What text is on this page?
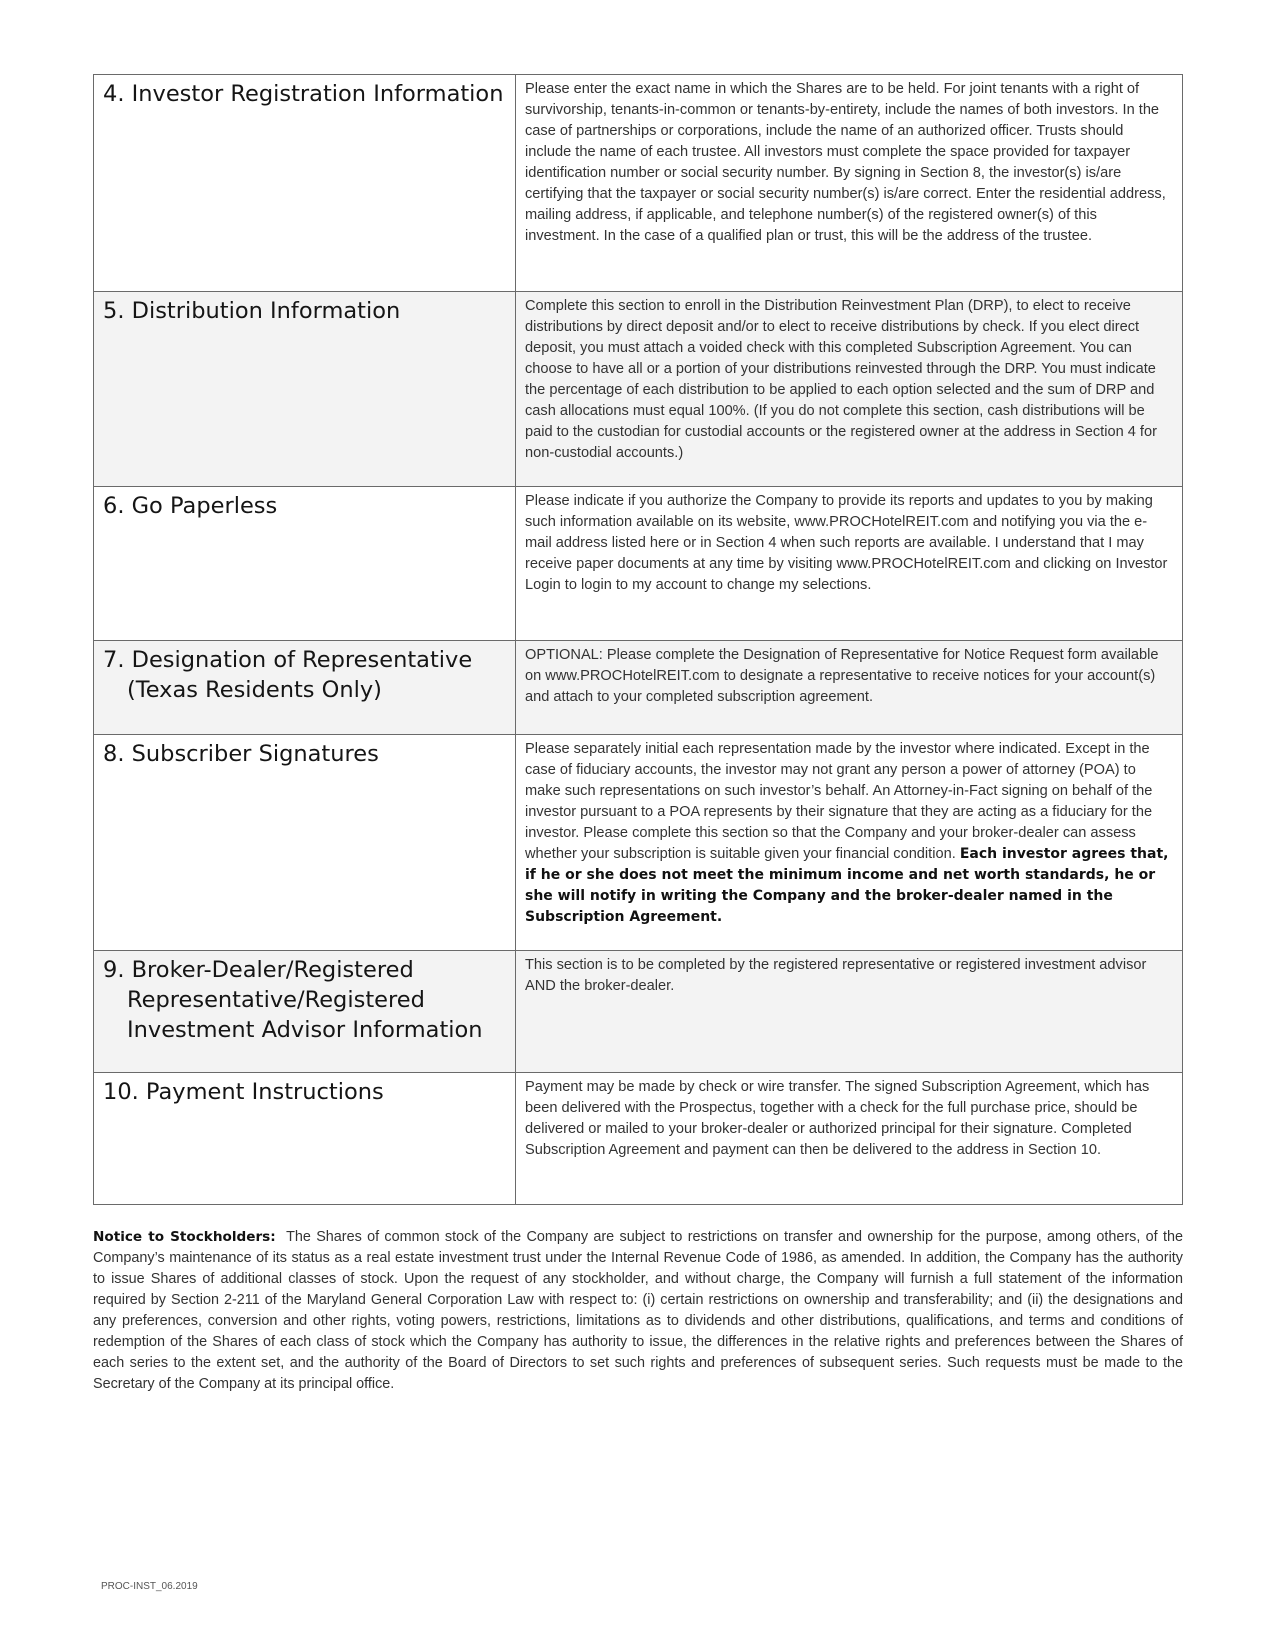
4. Investor Registration Information	Please enter the exact name in which the Shares are to be held. For joint tenants with a right of survivorship, tenants-in-common or tenants-by-entirety, include the names of both investors. In the case of partnerships or corporations, include the name of an authorized officer. Trusts should include the name of each trustee. All investors must complete the space provided for taxpayer identification number or social security number. By signing in Section 8, the investor(s) is/are certifying that the taxpayer or social security number(s) is/are correct. Enter the residential address, mailing address, if applicable, and telephone number(s) of the registered owner(s) of this investment. In the case of a qualified plan or trust, this will be the address of the trustee.

5. Distribution Information	Complete this section to enroll in the Distribution Reinvestment Plan (DRP), to elect to receive distributions by direct deposit and/or to elect to receive distributions by check. If you elect direct deposit, you must attach a voided check with this completed Subscription Agreement. You can choose to have all or a portion of your distributions reinvested through the DRP. You must indicate the percentage of each distribution to be applied to each option selected and the sum of DRP and cash allocations must equal 100%. (If you do not complete this section, cash distributions will be paid to the custodian for custodial accounts or the registered owner at the address in Section 4 for non-custodial accounts.)

6. Go Paperless	Please indicate if you authorize the Company to provide its reports and updates to you by making such information available on its website, www.PROCHotelREIT.com and notifying you via the e-mail address listed here or in Section 4 when such reports are available. I understand that I may receive paper documents at any time by visiting www.PROCHotelREIT.com and clicking on Investor Login to login to my account to change my selections.

7. Designation of Representative (Texas Residents Only)	OPTIONAL: Please complete the Designation of Representative for Notice Request form available on www.PROCHotelREIT.com to designate a representative to receive notices for your account(s) and attach to your completed subscription agreement.

8. Subscriber Signatures	Please separately initial each representation made by the investor where indicated. Except in the case of fiduciary accounts, the investor may not grant any person a power of attorney (POA) to make such representations on such investor’s behalf. An Attorney-in-Fact signing on behalf of the investor pursuant to a POA represents by their signature that they are acting as a fiduciary for the investor. Please complete this section so that the Company and your broker-dealer can assess whether your subscription is suitable given your financial condition. Each investor agrees that, if he or she does not meet the minimum income and net worth standards, he or she will notify in writing the Company and the broker-dealer named in the Subscription Agreement.

9. Broker-Dealer/Registered Representative/Registered Investment Advisor Information	This section is to be completed by the registered representative or registered investment advisor AND the broker-dealer.

10. Payment Instructions	Payment may be made by check or wire transfer. The signed Subscription Agreement, which has been delivered with the Prospectus, together with a check for the full purchase price, should be delivered or mailed to your broker-dealer or authorized principal for their signature. Completed Subscription Agreement and payment can then be delivered to the address in Section 10.

Notice to Stockholders: The Shares of common stock of the Company are subject to restrictions on transfer and ownership for the purpose, among others, of the Company’s maintenance of its status as a real estate investment trust under the Internal Revenue Code of 1986, as amended. In addition, the Company has the authority to issue Shares of additional classes of stock. Upon the request of any stockholder, and without charge, the Company will furnish a full statement of the information required by Section 2-211 of the Maryland General Corporation Law with respect to: (i) certain restrictions on ownership and transferability; and (ii) the designations and any preferences, conversion and other rights, voting powers, restrictions, limitations as to dividends and other distributions, qualifications, and terms and conditions of redemption of the Shares of each class of stock which the Company has authority to issue, the differences in the relative rights and preferences between the Shares of each series to the extent set, and the authority of the Board of Directors to set such rights and preferences of subsequent series. Such requests must be made to the Secretary of the Company at its principal office.

PROC-INST_06.2019
